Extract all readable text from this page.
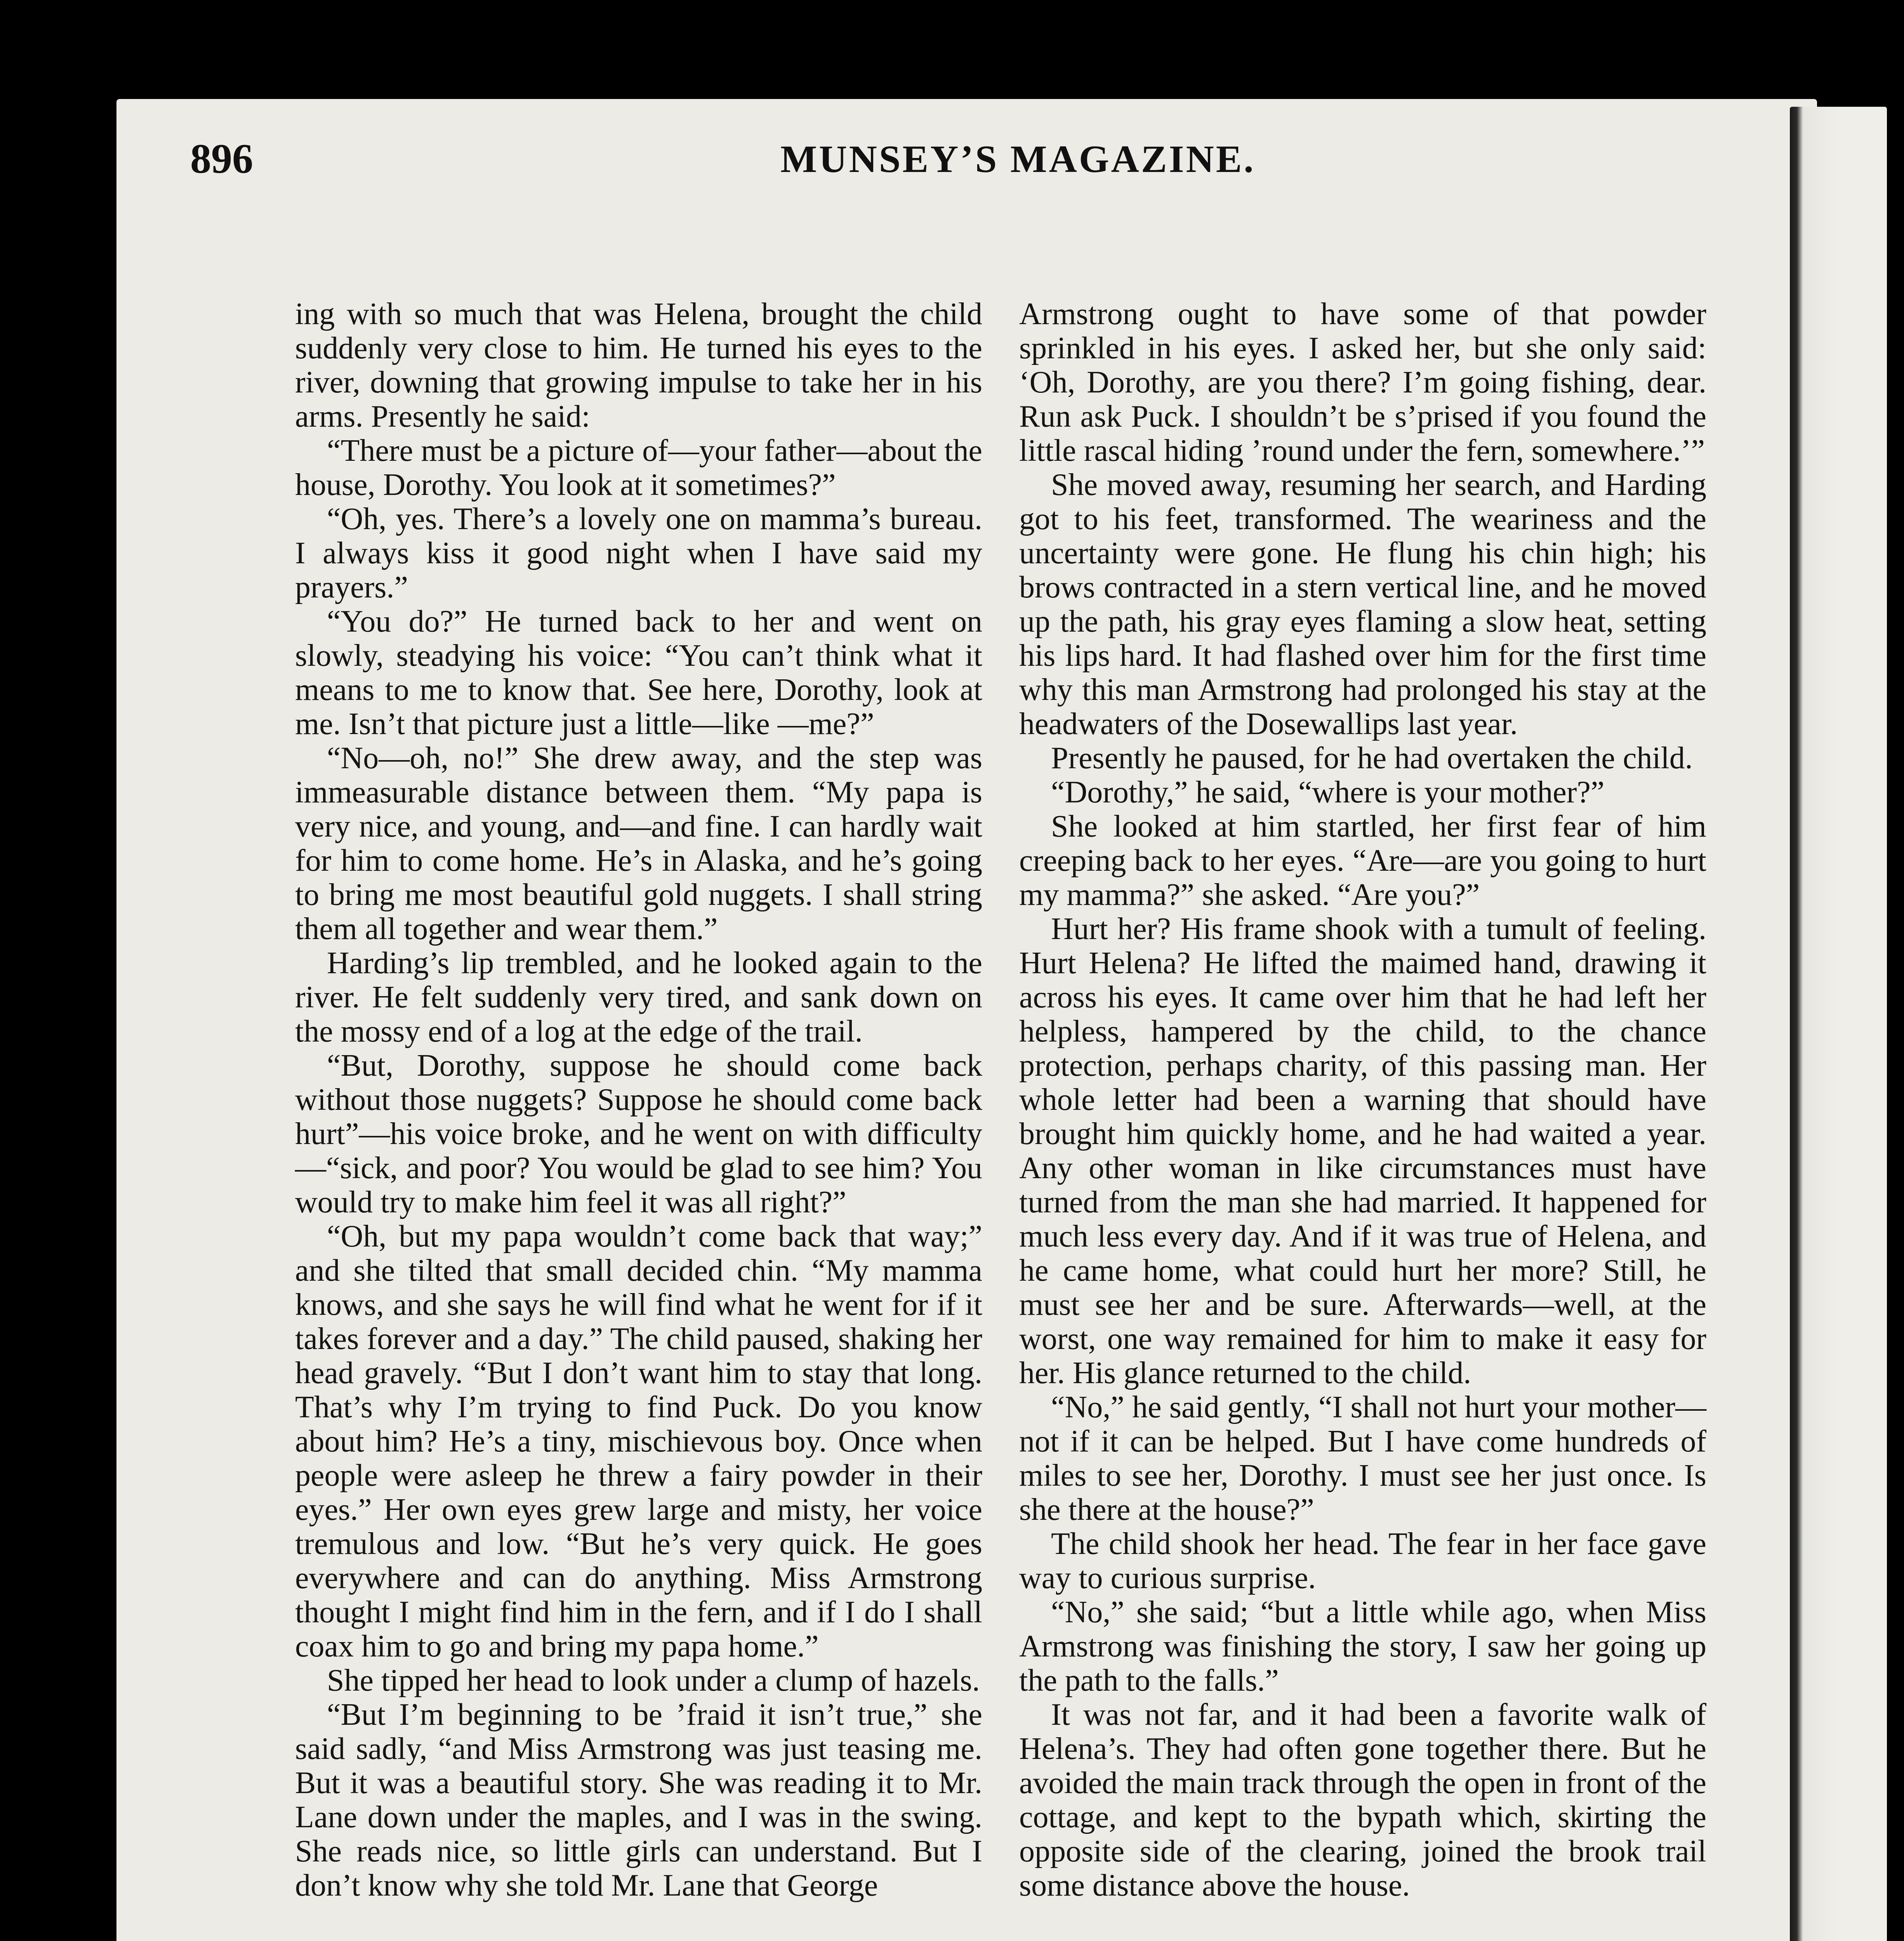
896	MUNSEY’S MAGAZINE.

ing with so much that was Helena, brought the child suddenly very close to him. He turned his eyes to the river, downing that growing impulse to take her in his arms. Presently he said:

“There must be a picture of—your father—about the house, Dorothy. You look at it sometimes?”

“Oh, yes. There’s a lovely one on mamma’s bureau. I always kiss it good night when I have said my prayers.”

“You do?” He turned back to her and went on slowly, steadying his voice: “You can’t think what it means to me to know that. See here, Dorothy, look at me. Isn’t that picture just a little—like —me?”

“No—oh, no!” She drew away, and the step was immeasurable distance between them. “My papa is very nice, and young, and—and fine. I can hardly wait for him to come home. He’s in Alaska, and he’s going to bring me most beautiful gold nuggets. I shall string them all together and wear them.”

Harding’s lip trembled, and he looked again to the river. He felt suddenly very tired, and sank down on the mossy end of a log at the edge of the trail.

“But, Dorothy, suppose he should come back without those nuggets? Suppose he should come back hurt”—his voice broke, and he went on with difficulty—“sick, and poor? You would be glad to see him? You would try to make him feel it was all right?”

“Oh, but my papa wouldn’t come back that way;” and she tilted that small decided chin. “My mamma knows, and she says he will find what he went for if it takes forever and a day.” The child paused, shaking her head gravely. “But I don’t want him to stay that long. That’s why I’m trying to find Puck. Do you know about him? He’s a tiny, mischievous boy. Once when people were asleep he threw a fairy powder in their eyes.” Her own eyes grew large and misty, her voice tremulous and low. “But he’s very quick. He goes everywhere and can do anything. Miss Armstrong thought I might find him in the fern, and if I do I shall coax him to go and bring my papa home.”

She tipped her head to look under a clump of hazels.

“But I’m beginning to be ’fraid it isn’t true,” she said sadly, “and Miss Armstrong was just teasing me. But it was a beautiful story. She was reading it to Mr. Lane down under the maples, and I was in the swing. She reads nice, so little girls can understand. But I don’t know why she told Mr. Lane that George

Armstrong ought to have some of that powder sprinkled in his eyes. I asked her, but she only said: ‘Oh, Dorothy, are you there? I’m going fishing, dear. Run ask Puck. I shouldn’t be s’prised if you found the little rascal hiding ’round under the fern, somewhere.’”

She moved away, resuming her search, and Harding got to his feet, transformed. The weariness and the uncertainty were gone. He flung his chin high; his brows contracted in a stern vertical line, and he moved up the path, his gray eyes flaming a slow heat, setting his lips hard. It had flashed over him for the first time why this man Armstrong had prolonged his stay at the headwaters of the Dosewallips last year.

Presently he paused, for he had overtaken the child.

“Dorothy,” he said, “where is your mother?”

She looked at him startled, her first fear of him creeping back to her eyes. “Are—are you going to hurt my mamma?” she asked. “Are you?”

Hurt her? His frame shook with a tumult of feeling. Hurt Helena? He lifted the maimed hand, drawing it across his eyes. It came over him that he had left her helpless, hampered by the child, to the chance protection, perhaps charity, of this passing man. Her whole letter had been a warning that should have brought him quickly home, and he had waited a year. Any other woman in like circumstances must have turned from the man she had married. It happened for much less every day. And if it was true of Helena, and he came home, what could hurt her more? Still, he must see her and be sure. Afterwards—well, at the worst, one way remained for him to make it easy for her. His glance returned to the child.

“No,” he said gently, “I shall not hurt your mother—not if it can be helped. But I have come hundreds of miles to see her, Dorothy. I must see her just once. Is she there at the house?”

The child shook her head. The fear in her face gave way to curious surprise.

“No,” she said; “but a little while ago, when Miss Armstrong was finishing the story, I saw her going up the path to the falls.”

It was not far, and it had been a favorite walk of Helena’s. They had often gone together there. But he avoided the main track through the open in front of the cottage, and kept to the bypath which, skirting the opposite side of the clearing, joined the brook trail some distance above the house.
